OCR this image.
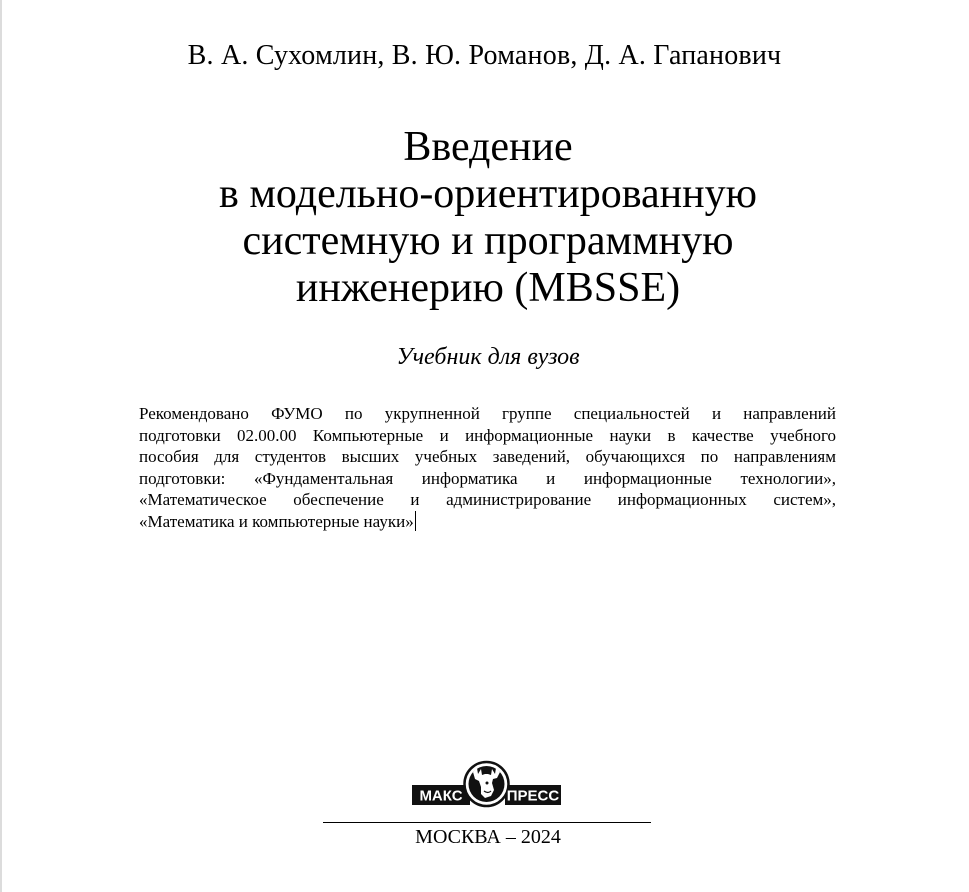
В. А. Сухомлин, В. Ю. Романов, Д. А. Гапанович
Введение
в модельно-ориентированную
системную и программную
инженерию (MBSSE)
Учебник для вузов
Рекомендовано ФУМО по укрупненной группе специальностей и направлений
подготовки 02.00.00 Компьютерные и информационные науки в качестве учебного
пособия для студентов высших учебных заведений, обучающихся по направлениям
подготовки: «Фундаментальная информатика и информационные технологии»,
«Математическое обеспечение и администрирование информационных систем»,
«Математика и компьютерные науки»
МАКС	ПРЕСС
МОСКВА – 2024
